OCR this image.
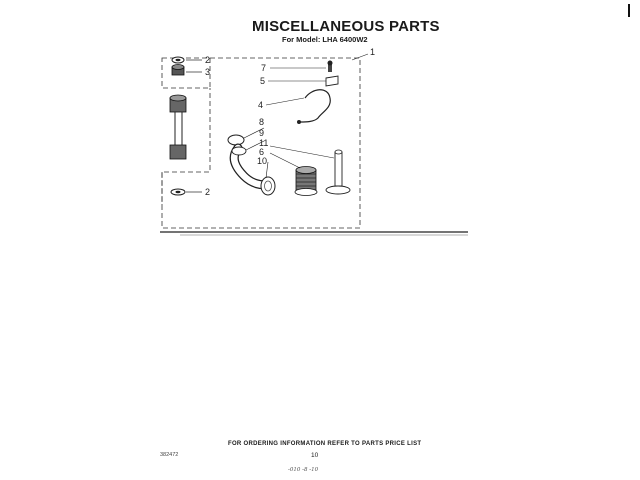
MISCELLANEOUS PARTS
For Model: LHA 6400W2
1
2
3
2
7
5
4
8
9
11
6
10
FOR ORDERING INFORMATION REFER TO PARTS PRICE LIST
382472	10
-010 -8 -10
